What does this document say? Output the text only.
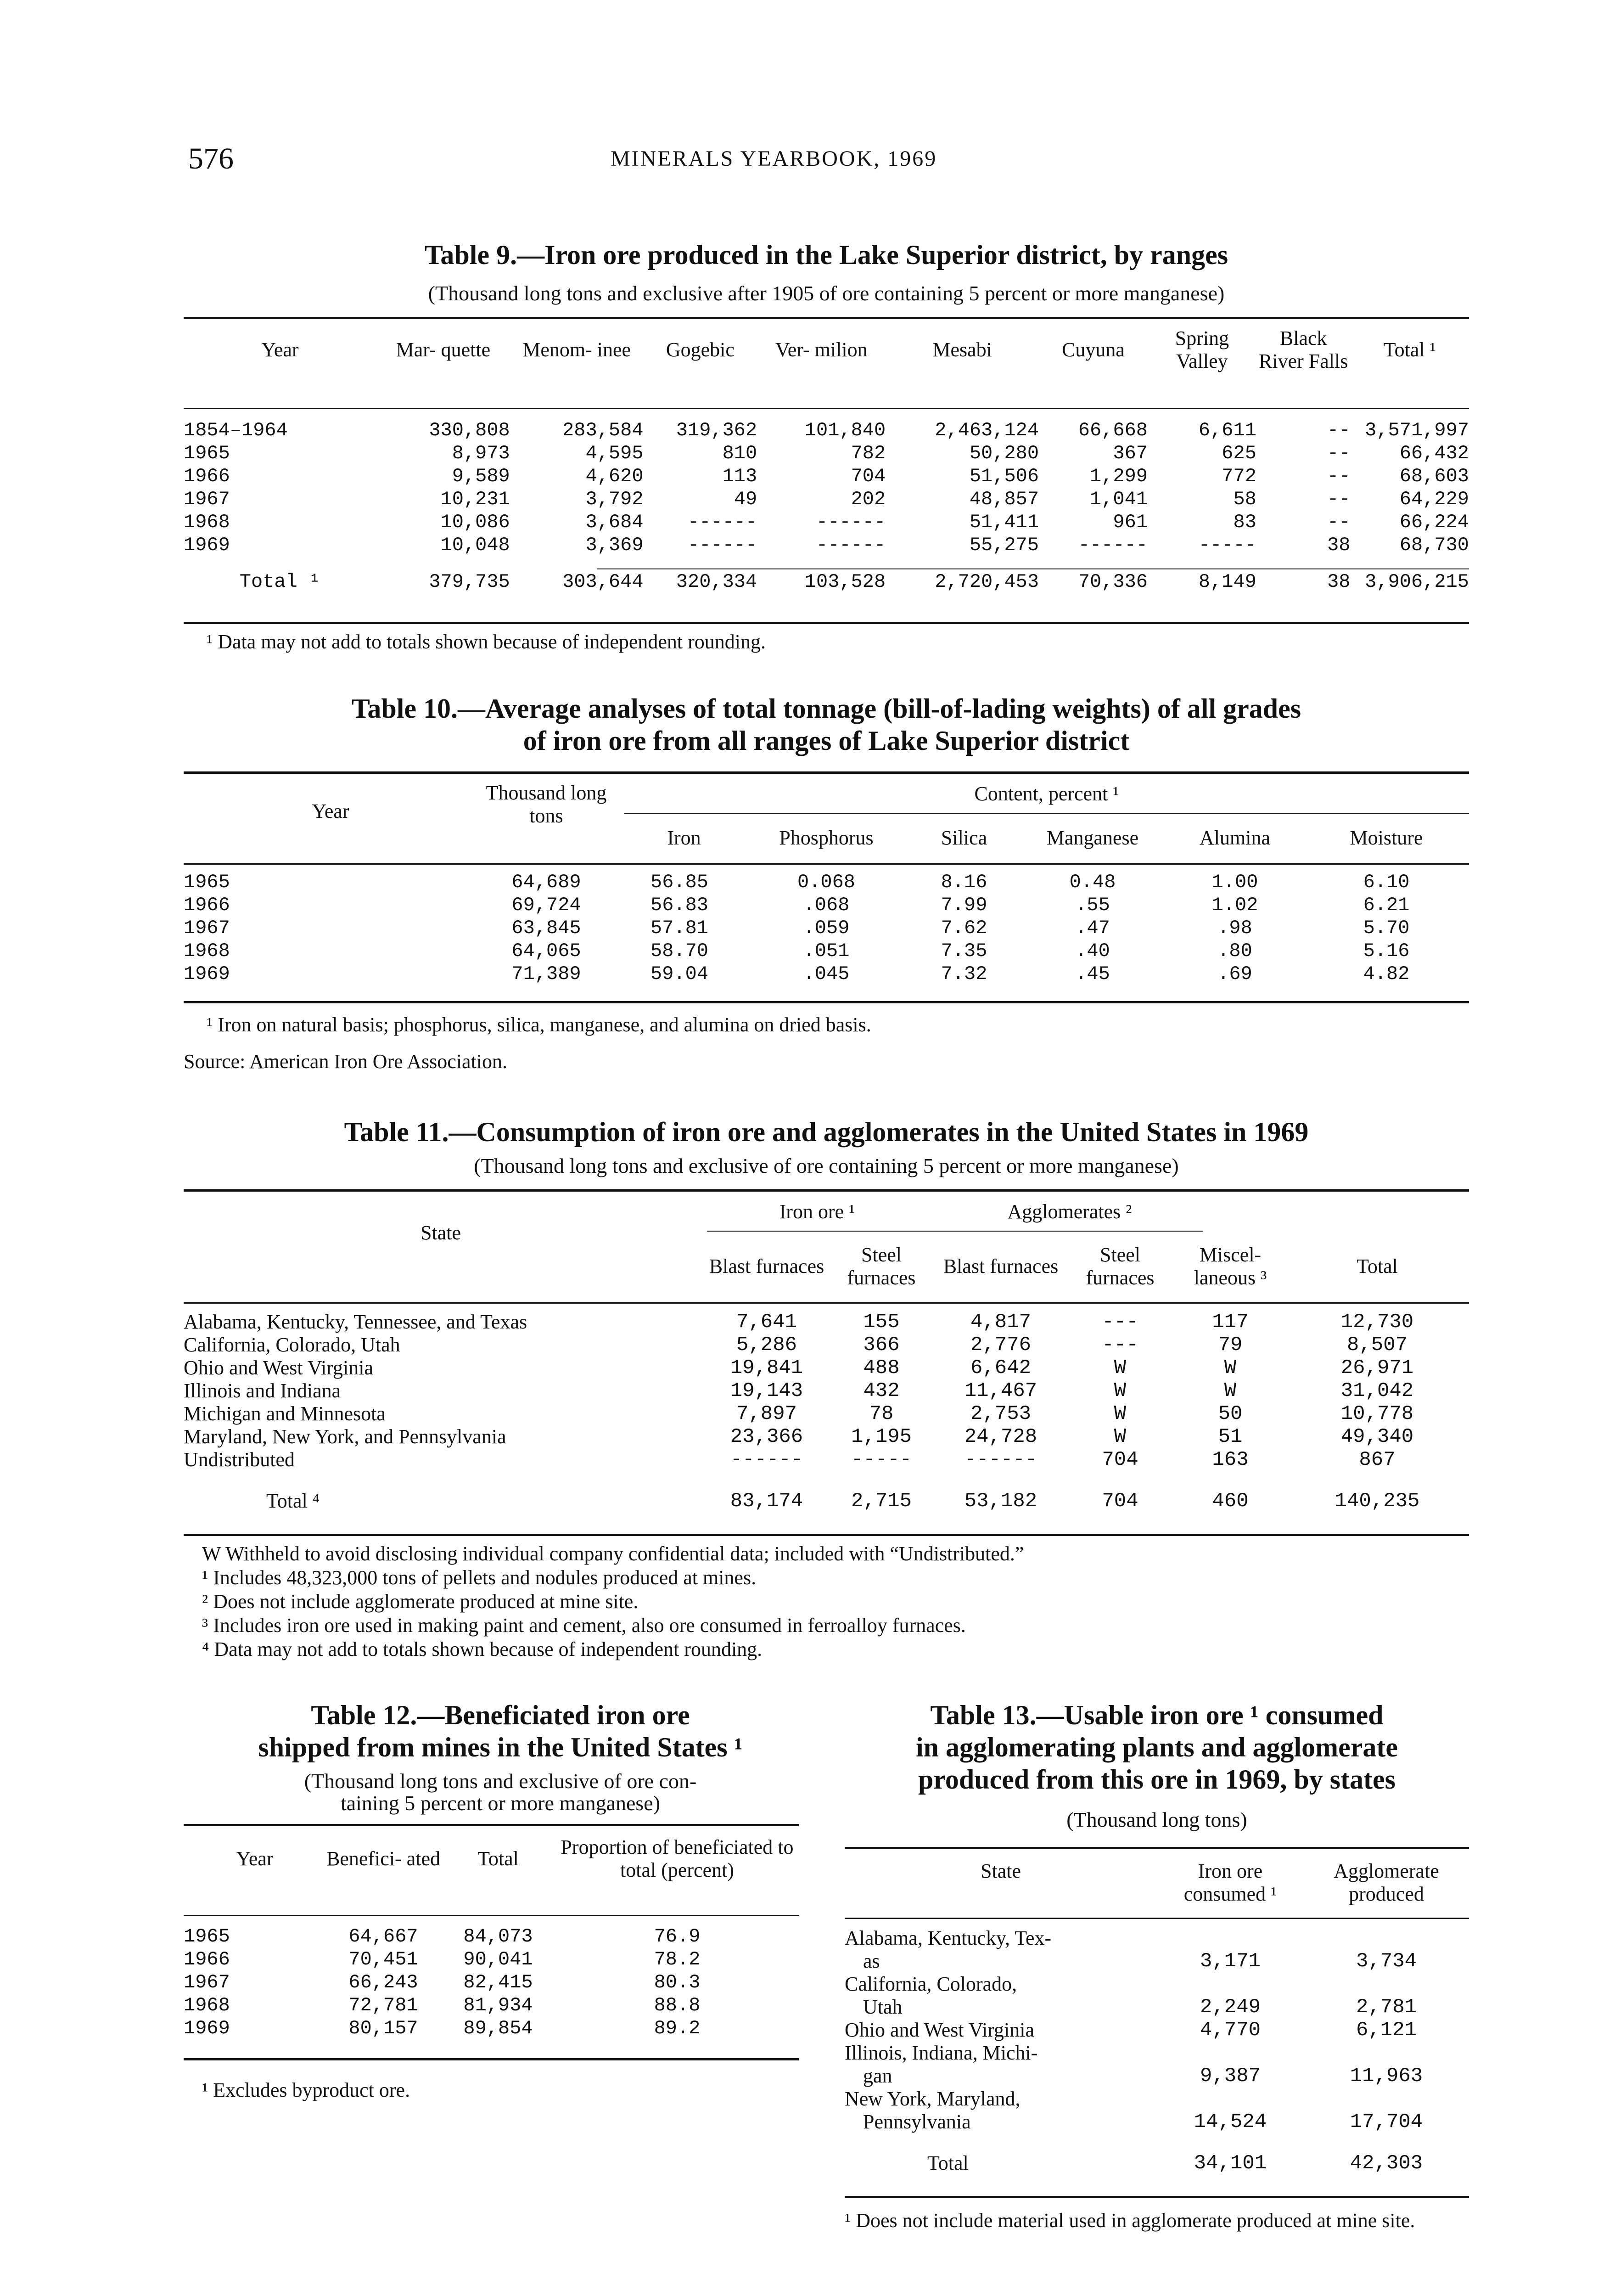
576	MINERALS YEARBOOK, 1969
Table 9.—Iron ore produced in the Lake Superior district, by ranges
(Thousand long tons and exclusive after 1905 of ore containing 5 percent or more manganese)
Year	Mar- quette	Menom- inee	Gogebic	Ver- milion	Mesabi	Cuyuna	Spring Valley	Black River Falls	Total ¹
1854–1964	330,808	283,584	319,362	101,840	2,463,124	66,668	6,611	--	3,571,997
1965	8,973	4,595	810	782	50,280	367	625	--	66,432
1966	9,589	4,620	113	704	51,506	1,299	772	--	68,603
1967	10,231	3,792	49	202	48,857	1,041	58	--	64,229
1968	10,086	3,684	------	------	51,411	961	83	--	66,224
1969	10,048	3,369	------	------	55,275	------	-----	38	68,730

Total ¹	379,735	303,644	320,334	103,528	2,720,453	70,336	8,149	38	3,906,215
¹ Data may not add to totals shown because of independent rounding.
Table 10.—Average analyses of total tonnage (bill-of-lading weights) of all grades
of iron ore from all ranges of Lake Superior district
Year
Thousand long tons
Content, percent ¹
Iron	Phosphorus	Silica	Manganese	Alumina	Moisture
1965	64,689	56.85	0.068	8.16	0.48	1.00	6.10
1966	69,724	56.83	.068	7.99	.55	1.02	6.21
1967	63,845	57.81	.059	7.62	.47	.98	5.70
1968	64,065	58.70	.051	7.35	.40	.80	5.16
1969	71,389	59.04	.045	7.32	.45	.69	4.82
¹ Iron on natural basis; phosphorus, silica, manganese, and alumina on dried basis.
Source: American Iron Ore Association.
Table 11.—Consumption of iron ore and agglomerates in the United States in 1969
(Thousand long tons and exclusive of ore containing 5 percent or more manganese)
State
Iron ore ¹	Agglomerates ²
Blast furnaces	Steel furnaces	Blast furnaces	Steel furnaces	Miscel- laneous ³	Total
Alabama, Kentucky, Tennessee, and Texas	7,641	155	4,817	---	117	12,730
California, Colorado, Utah	5,286	366	2,776	---	79	8,507
Ohio and West Virginia	19,841	488	6,642	W	W	26,971
Illinois and Indiana	19,143	432	11,467	W	W	31,042
Michigan and Minnesota	7,897	78	2,753	W	50	10,778
Maryland, New York, and Pennsylvania	23,366	1,195	24,728	W	51	49,340
Undistributed	------	-----	------	704	163	867

Total ⁴	83,174	2,715	53,182	704	460	140,235
W Withheld to avoid disclosing individual company confidential data; included with “Undistributed.”
¹ Includes 48,323,000 tons of pellets and nodules produced at mines.
² Does not include agglomerate produced at mine site.
³ Includes iron ore used in making paint and cement, also ore consumed in ferroalloy furnaces.
⁴ Data may not add to totals shown because of independent rounding.
Table 12.—Beneficiated iron ore
shipped from mines in the United States ¹
(Thousand long tons and exclusive of ore con-
taining 5 percent or more manganese)
Year	Benefici- ated	Total	Proportion of beneficiated to total (percent)
1965	64,667	84,073	76.9
1966	70,451	90,041	78.2
1967	66,243	82,415	80.3
1968	72,781	81,934	88.8
1969	80,157	89,854	89.2
¹ Excludes byproduct ore.
Table 13.—Usable iron ore ¹ consumed
in agglomerating plants and agglomerate
produced from this ore in 1969, by states
(Thousand long tons)
State	Iron ore consumed ¹	Agglomerate produced
Alabama, Kentucky, Tex-
as	3,171	3,734

California, Colorado,
Utah	2,249	2,781

Ohio and West Virginia	4,770	6,121

Illinois, Indiana, Michi-
gan	9,387	11,963

New York, Maryland,
Pennsylvania	14,524	17,704

Total	34,101	42,303
¹ Does not include material used in agglomerate produced at mine site.
